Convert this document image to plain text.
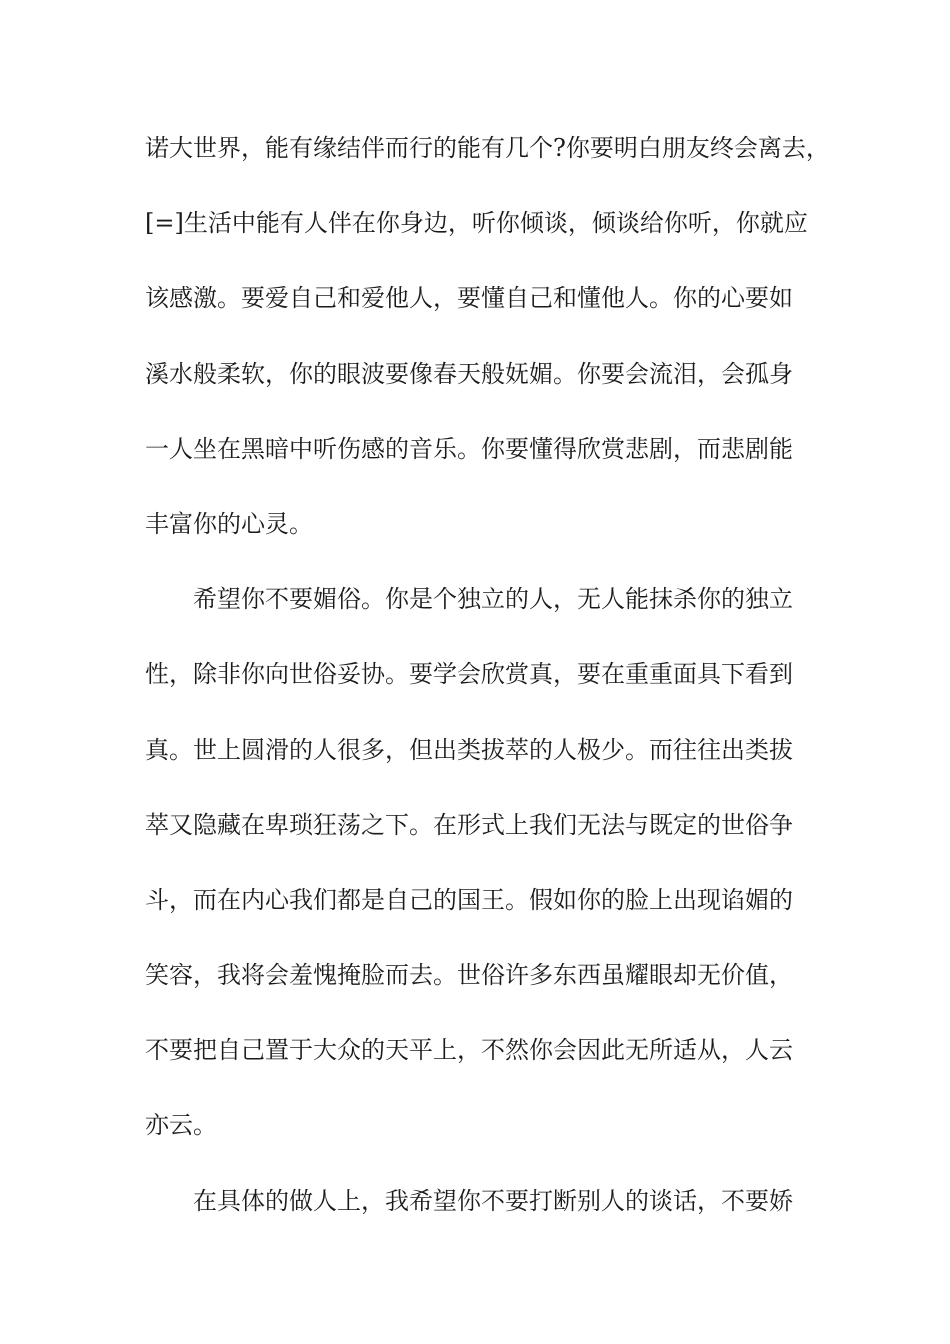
诺大世界，能有缘结伴而行的能有几个?你要明白朋友终会离去，
[=]生活中能有人伴在你身边，听你倾谈，倾谈给你听，你就应
该感激。要爱自己和爱他人，要懂自己和懂他人。你的心要如
溪水般柔软，你的眼波要像春天般妩媚。你要会流泪，会孤身
一人坐在黑暗中听伤感的音乐。你要懂得欣赏悲剧，而悲剧能
丰富你的心灵。
希望你不要媚俗。你是个独立的人，无人能抹杀你的独立
性，除非你向世俗妥协。要学会欣赏真，要在重重面具下看到
真。世上圆滑的人很多，但出类拔萃的人极少。而往往出类拔
萃又隐藏在卑琐狂荡之下。在形式上我们无法与既定的世俗争
斗，而在内心我们都是自己的国王。假如你的脸上出现谄媚的
笑容，我将会羞愧掩脸而去。世俗许多东西虽耀眼却无价值，
不要把自己置于大众的天平上，不然你会因此无所适从，人云
亦云。
在具体的做人上，我希望你不要打断别人的谈话，不要娇
